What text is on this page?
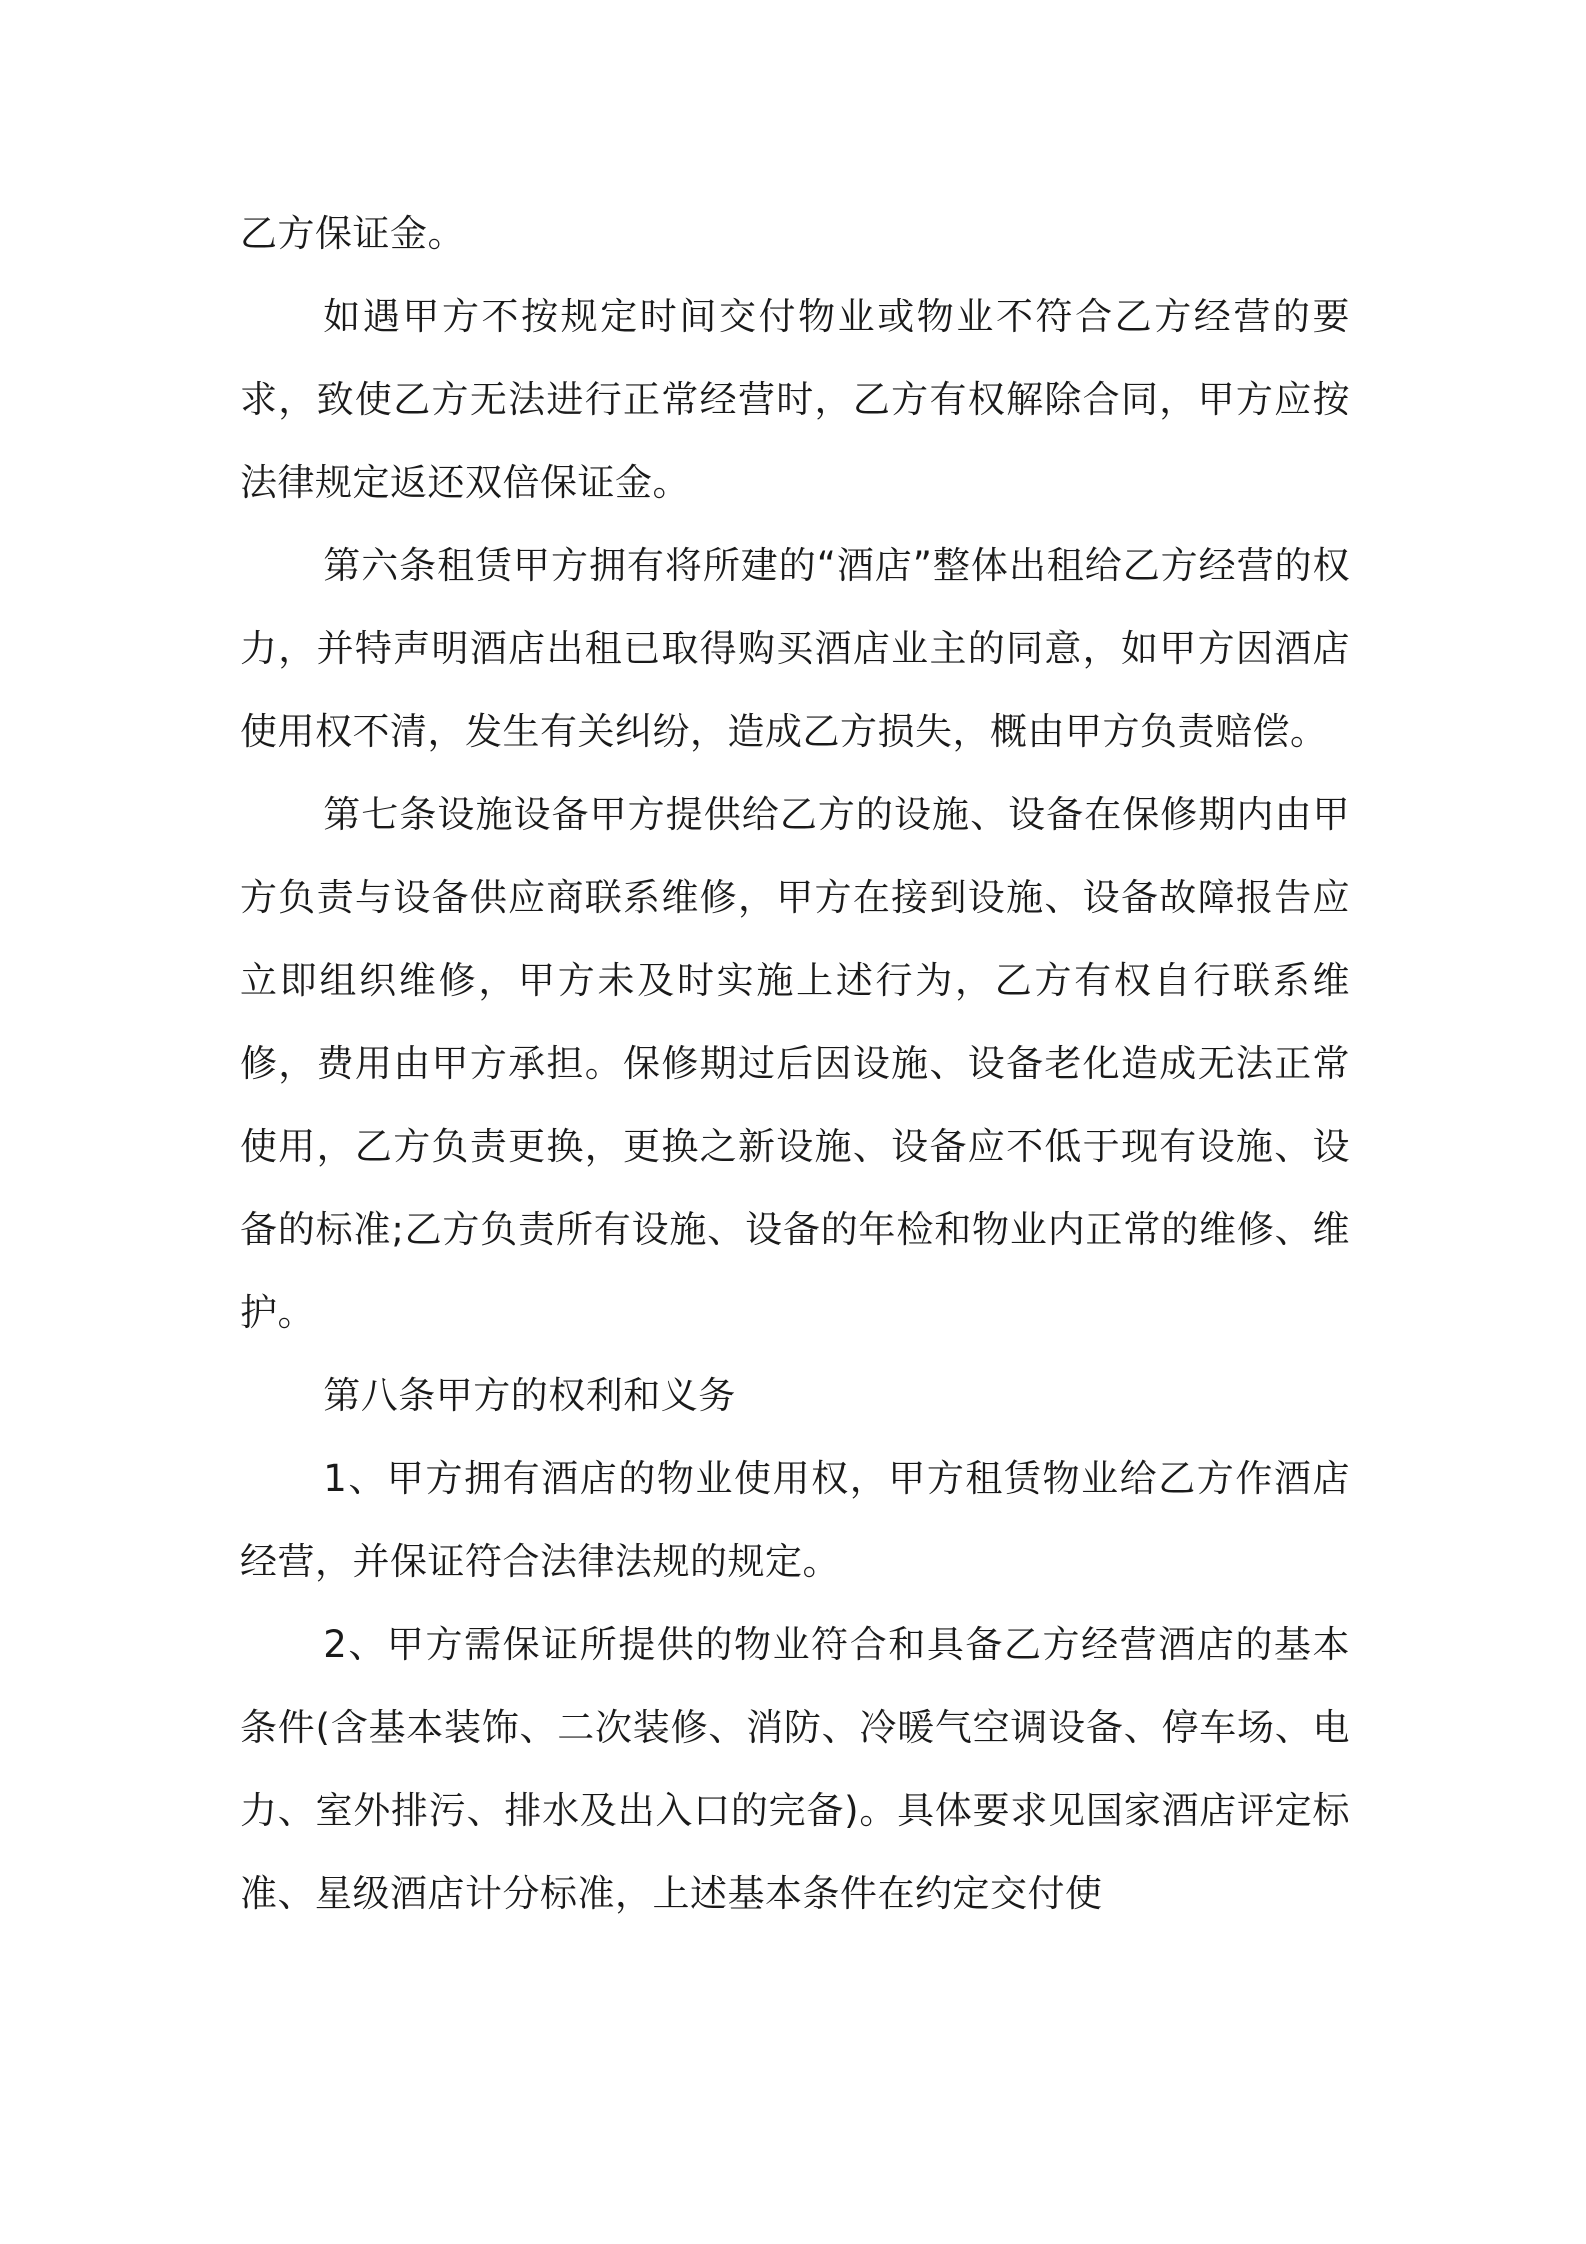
乙方保证金。

如遇甲方不按规定时间交付物业或物业不符合乙方经营的要求，致使乙方无法进行正常经营时，乙方有权解除合同，甲方应按法律规定返还双倍保证金。

第六条租赁甲方拥有将所建的“酒店”整体出租给乙方经营的权力，并特声明酒店出租已取得购买酒店业主的同意，如甲方因酒店使用权不清，发生有关纠纷，造成乙方损失，概由甲方负责赔偿。

第七条设施设备甲方提供给乙方的设施、设备在保修期内由甲方负责与设备供应商联系维修，甲方在接到设施、设备故障报告应立即组织维修，甲方未及时实施上述行为，乙方有权自行联系维修，费用由甲方承担。保修期过后因设施、设备老化造成无法正常使用，乙方负责更换，更换之新设施、设备应不低于现有设施、设备的标准;乙方负责所有设施、设备的年检和物业内正常的维修、维护。

第八条甲方的权利和义务

1、甲方拥有酒店的物业使用权，甲方租赁物业给乙方作酒店经营，并保证符合法律法规的规定。

2、甲方需保证所提供的物业符合和具备乙方经营酒店的基本条件(含基本装饰、二次装修、消防、冷暖气空调设备、停车场、电力、室外排污、排水及出入口的完备)。具体要求见国家酒店评定标准、星级酒店计分标准，上述基本条件在约定交付使
